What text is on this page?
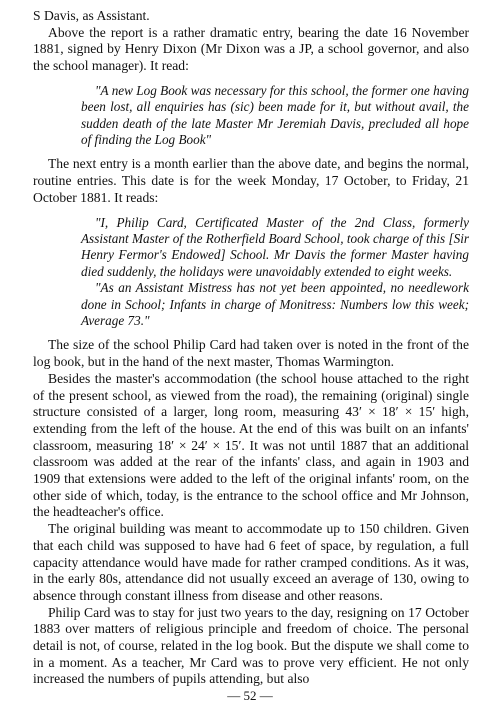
S Davis, as Assistant.

Above the report is a rather dramatic entry, bearing the date 16 November 1881, signed by Henry Dixon (Mr Dixon was a JP, a school governor, and also the school manager). It read:

"A new Log Book was necessary for this school, the former one having been lost, all enquiries has (sic) been made for it, but without avail, the sudden death of the late Master Mr Jeremiah Davis, precluded all hope of finding the Log Book"

The next entry is a month earlier than the above date, and begins the normal, routine entries. This date is for the week Monday, 17 October, to Friday, 21 October 1881. It reads:

"I, Philip Card, Certificated Master of the 2nd Class, formerly Assistant Master of the Rotherfield Board School, took charge of this [Sir Henry Fermor's Endowed] School. Mr Davis the former Master having died suddenly, the holidays were unavoidably extended to eight weeks.

"As an Assistant Mistress has not yet been appointed, no needlework done in School; Infants in charge of Monitress: Numbers low this week; Average 73."

The size of the school Philip Card had taken over is noted in the front of the log book, but in the hand of the next master, Thomas Warmington.

Besides the master's accommodation (the school house attached to the right of the present school, as viewed from the road), the remaining (original) single structure consisted of a larger, long room, measuring 43′ × 18′ × 15′ high, extending from the left of the house. At the end of this was built on an infants' classroom, measuring 18′ × 24′ × 15′. It was not until 1887 that an additional classroom was added at the rear of the infants' class, and again in 1903 and 1909 that extensions were added to the left of the original infants' room, on the other side of which, today, is the entrance to the school office and Mr Johnson, the headteacher's office.

The original building was meant to accommodate up to 150 children. Given that each child was supposed to have had 6 feet of space, by regulation, a full capacity attendance would have made for rather cramped conditions. As it was, in the early 80s, attendance did not usually exceed an average of 130, owing to absence through constant illness from disease and other reasons.

Philip Card was to stay for just two years to the day, resigning on 17 October 1883 over matters of religious principle and freedom of choice. The personal detail is not, of course, related in the log book. But the dispute we shall come to in a moment. As a teacher, Mr Card was to prove very efficient. He not only increased the numbers of pupils attending, but also

— 52 —
